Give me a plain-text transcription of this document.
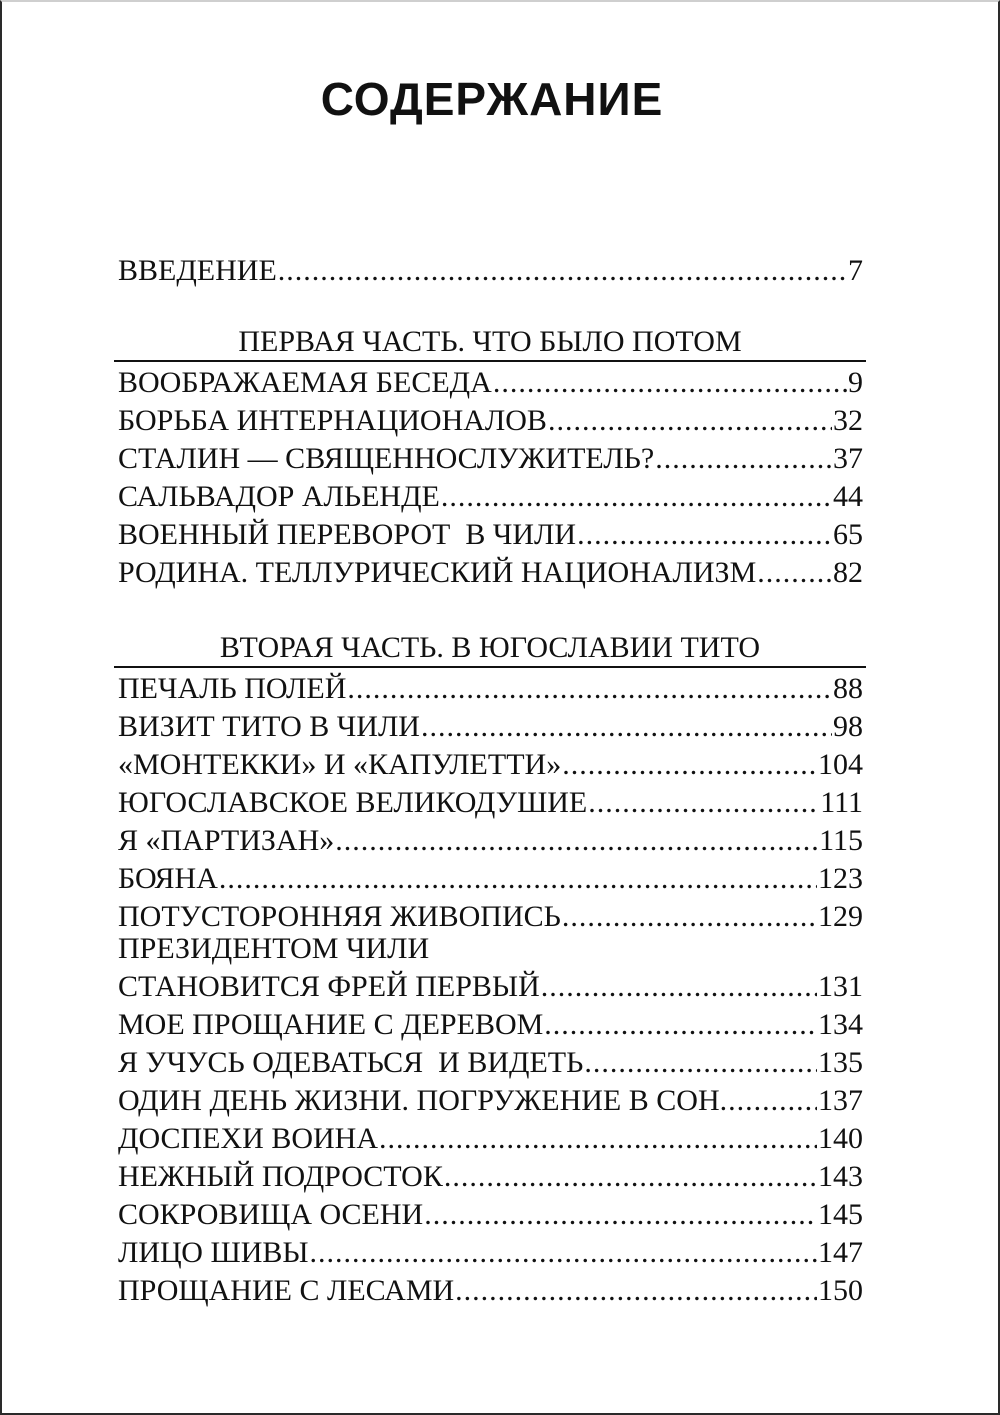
СОДЕРЖАНИЕ
ВВЕДЕНИЕ .....	7
ПЕРВАЯ ЧАСТЬ. ЧТО БЫЛО ПОТОМ
ВООБРАЖАЕМАЯ БЕСЕДА .....	9
БОРЬБА ИНТЕРНАЦИОНАЛОВ .....	32
СТАЛИН — СВЯЩЕННОСЛУЖИТЕЛЬ? .....	37
САЛЬВАДОР АЛЬЕНДЕ .....	44
ВОЕННЫЙ ПЕРЕВОРОТ  В ЧИЛИ .....	65
РОДИНА. ТЕЛЛУРИЧЕСКИЙ НАЦИОНАЛИЗМ .....	82
ВТОРАЯ ЧАСТЬ. В ЮГОСЛАВИИ ТИТО
ПЕЧАЛЬ ПОЛЕЙ .....	88
ВИЗИТ ТИТО В ЧИЛИ .....	98
«МОНТЕККИ» И «КАПУЛЕТТИ» .....	104
ЮГОСЛАВСКОЕ ВЕЛИКОДУШИЕ .....	111
Я «ПАРТИЗАН» .....	115
БОЯНА .....	123
ПОТУСТОРОННЯЯ ЖИВОПИСЬ .....	129
ПРЕЗИДЕНТОМ ЧИЛИ
СТАНОВИТСЯ ФРЕЙ ПЕРВЫЙ .....	131
МОЕ ПРОЩАНИЕ С ДЕРЕВОМ .....	134
Я УЧУСЬ ОДЕВАТЬСЯ  И ВИДЕТЬ .....	135
ОДИН ДЕНЬ ЖИЗНИ. ПОГРУЖЕНИЕ В СОН. .....	137
ДОСПЕХИ ВОИНА .....	140
НЕЖНЫЙ ПОДРОСТОК .....	143
СОКРОВИЩА ОСЕНИ .....	145
ЛИЦО ШИВЫ .....	147
ПРОЩАНИЕ С ЛЕСАМИ .....	150
